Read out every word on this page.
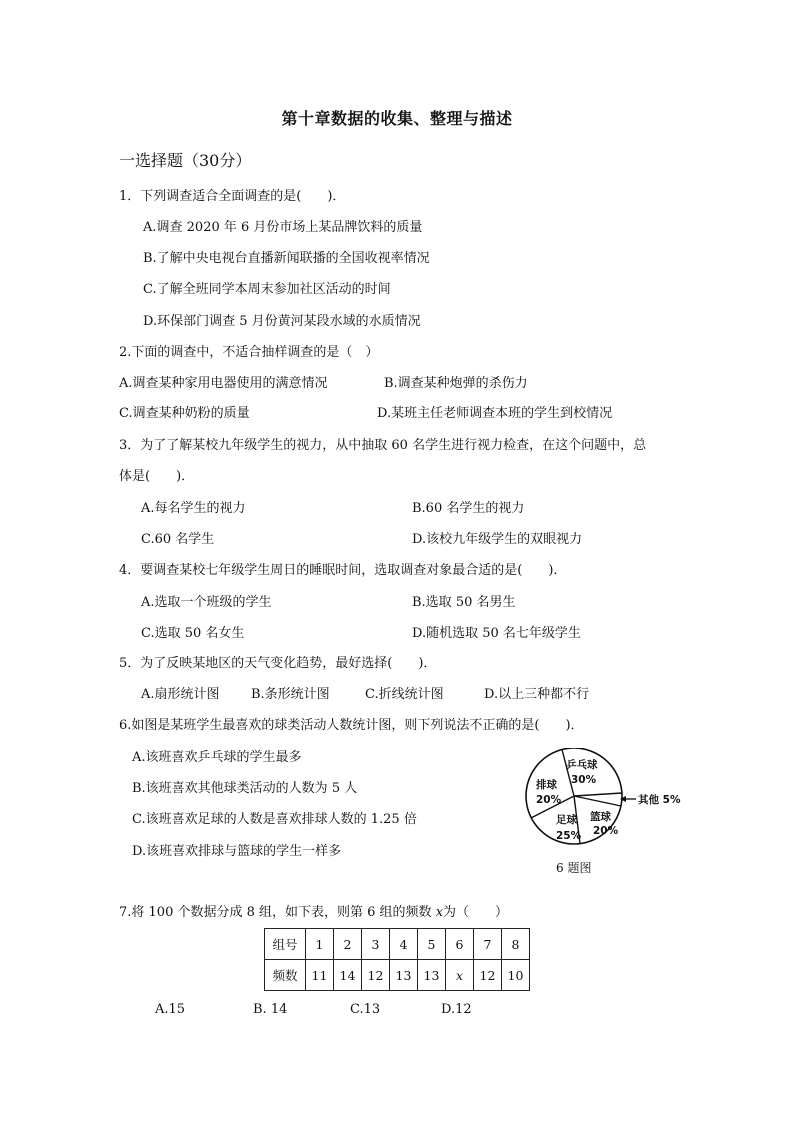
第十章数据的收集、整理与描述
一选择题（30分）
1．下列调查适合全面调查的是(　　)．
A.调查 2020 年 6 月份市场上某品牌饮料的质量
B.了解中央电视台直播新闻联播的全国收视率情况
C.了解全班同学本周末参加社区活动的时间
D.环保部门调查 5 月份黄河某段水域的水质情况
2.下面的调查中，不适合抽样调查的是（　）
A.调查某种家用电器使用的满意情况	B.调查某种炮弹的杀伤力
C.调查某种奶粉的质量	D.某班主任老师调查本班的学生到校情况
3．为了了解某校九年级学生的视力，从中抽取 60 名学生进行视力检查，在这个问题中，总
体是(　　)．
A.每名学生的视力	B.60 名学生的视力
C.60 名学生	D.该校九年级学生的双眼视力
4．要调查某校七年级学生周日的睡眠时间，选取调查对象最合适的是(　　)．
A.选取一个班级的学生	B.选取 50 名男生
C.选取 50 名女生	D.随机选取 50 名七年级学生
5．为了反映某地区的天气变化趋势，最好选择(　　)．
A.扇形统计图 B.条形统计图	C.折线统计图	D.以上三种都不行
6.如图是某班学生最喜欢的球类活动人数统计图，则下列说法不正确的是(　　)．
A.该班喜欢乒乓球的学生最多
B.该班喜欢其他球类活动的人数为 5 人
C.该班喜欢足球的人数是喜欢排球人数的 1.25 倍
D.该班喜欢排球与篮球的学生一样多
乒乓球
30%
排球
20%
足球
25%
篮球
20%
其他 5%
6 题图
7.将 100 个数据分成 8 组，如下表，则第 6 组的频数 x为（　　）
组号	1	2	3	4	5	6	7	8
频数	11	14	12	13	13	x	12	10
A.15	B. 14	C.13	D.12
